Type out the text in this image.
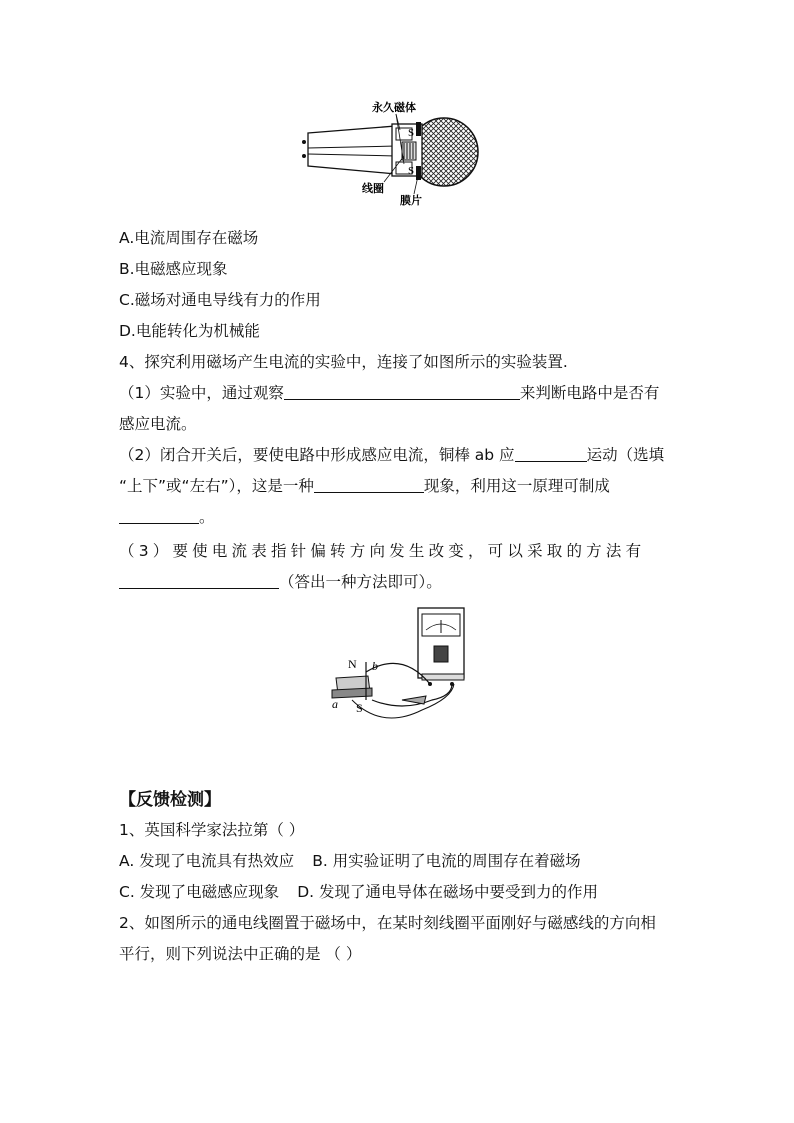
S
S
永久磁体
线圈
膜片
A.电流周围存在磁场
B.电磁感应现象
C.磁场对通电导线有力的作用
D.电能转化为机械能
4、探究利用磁场产生电流的实验中，连接了如图所示的实验装置.
（1）实验中，通过观察	来判断电路中是否有
感应电流。
（2）闭合开关后，要使电路中形成感应电流，铜棒 ab 应	运动（选填
“上下”或“左右”），这是一种	现象，利用这一原理可制成
。
（3）要使电流表指针偏转方向发生改变，可以采取的方法有
（答出一种方法即可）。
N
S
a
b
【反馈检测】
1、英国科学家法拉第（ ）
A. 发现了电流具有热效应 B. 用实验证明了电流的周围存在着磁场
C. 发现了电磁感应现象 D. 发现了通电导体在磁场中要受到力的作用
2、如图所示的通电线圈置于磁场中，在某时刻线圈平面刚好与磁感线的方向相
平行，则下列说法中正确的是 （ ）
